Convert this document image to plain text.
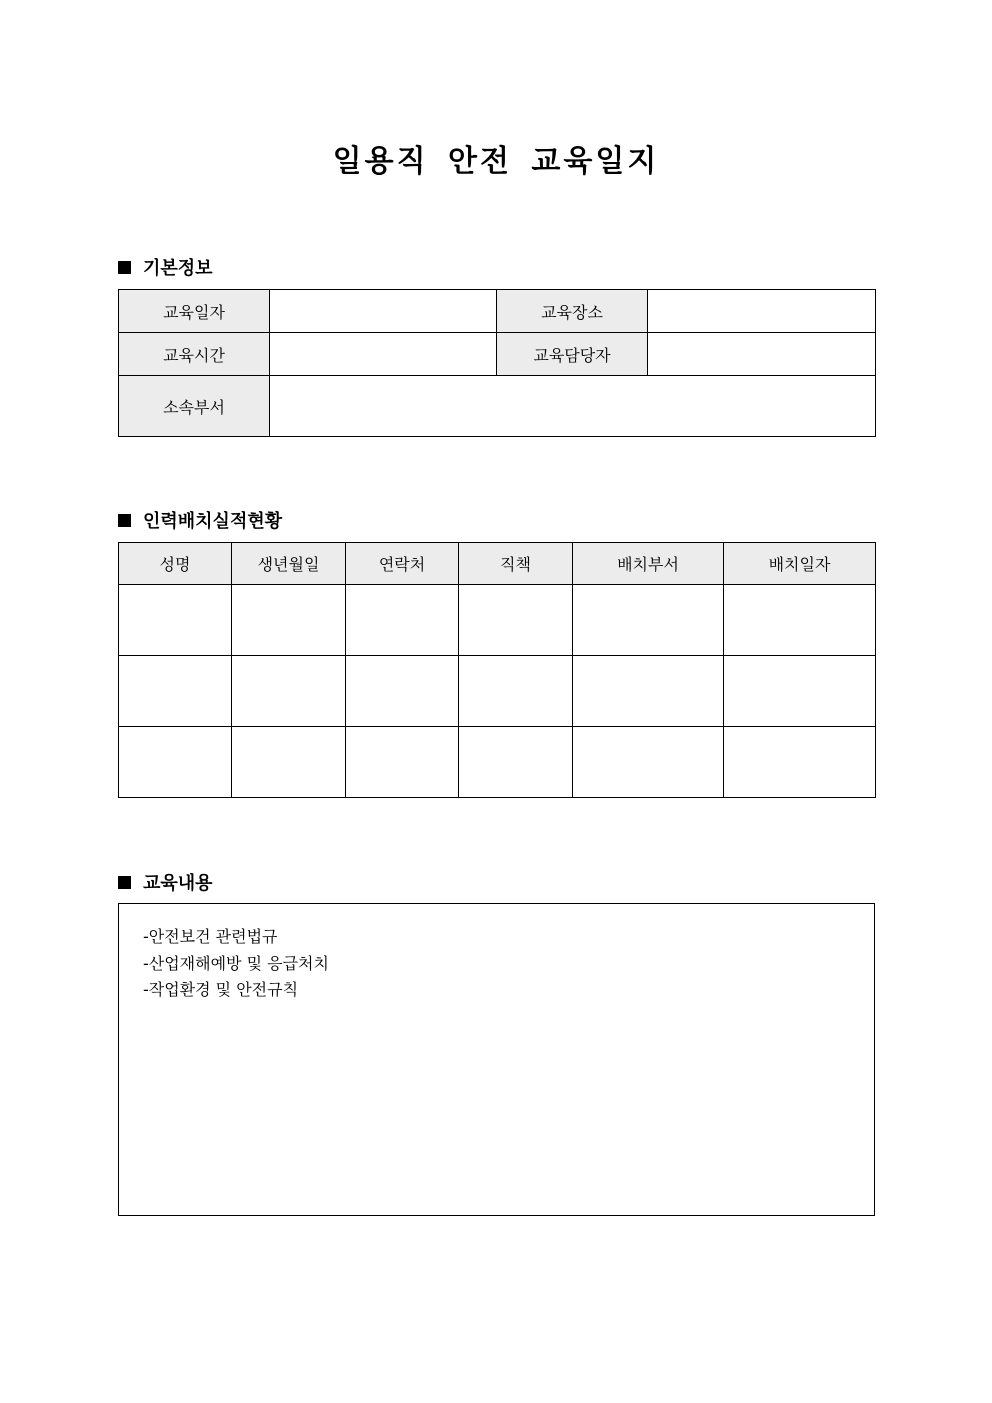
일용직 안전 교육일지
기본정보
교육일자		교육장소	
교육시간		교육담당자	
소속부서			
인력배치실적현황
성명	생년월일	연락처	직책	배치부서	배치일자

교육내용
-안전보건 관련법규
-산업재해예방 및 응급처치
-작업환경 및 안전규칙
